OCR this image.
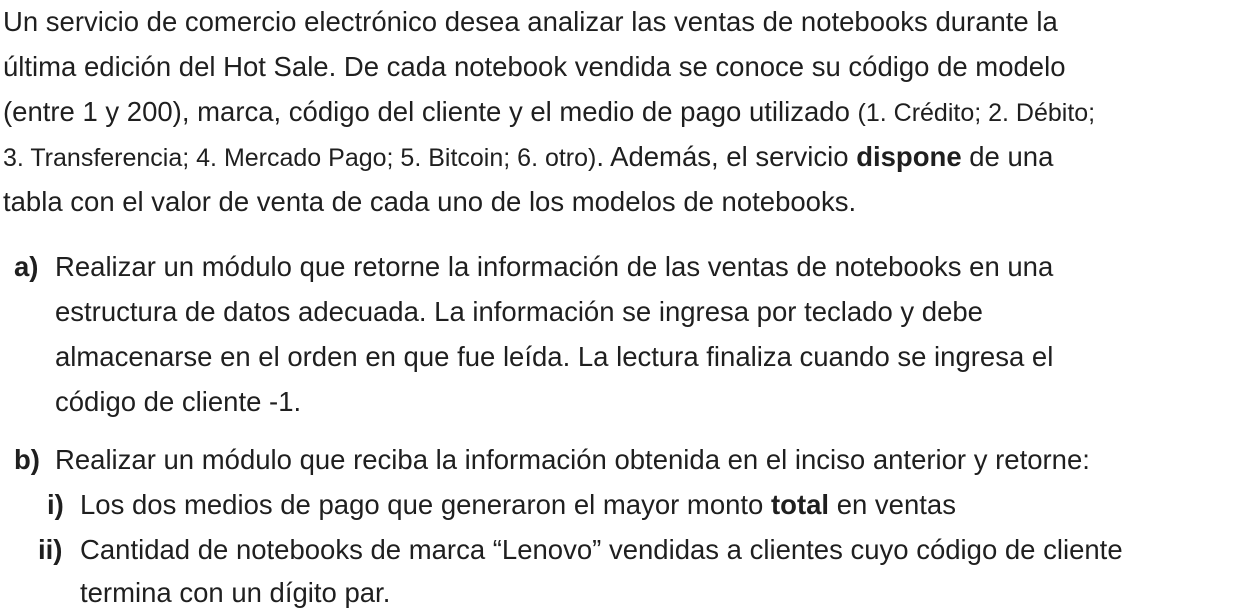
Un servicio de comercio electrónico desea analizar las ventas de notebooks durante la
última edición del Hot Sale. De cada notebook vendida se conoce su código de modelo
(entre 1 y 200), marca, código del cliente y el medio de pago utilizado (1. Crédito; 2. Débito;
3. Transferencia; 4. Mercado Pago; 5. Bitcoin; 6. otro). Además, el servicio dispone de una
tabla con el valor de venta de cada uno de los modelos de notebooks.
a) Realizar un módulo que retorne la información de las ventas de notebooks en una
estructura de datos adecuada. La información se ingresa por teclado y debe
almacenarse en el orden en que fue leída. La lectura finaliza cuando se ingresa el
código de cliente -1.
b) Realizar un módulo que reciba la información obtenida en el inciso anterior y retorne:
i) Los dos medios de pago que generaron el mayor monto total en ventas
ii) Cantidad de notebooks de marca “Lenovo” vendidas a clientes cuyo código de cliente
termina con un dígito par.
